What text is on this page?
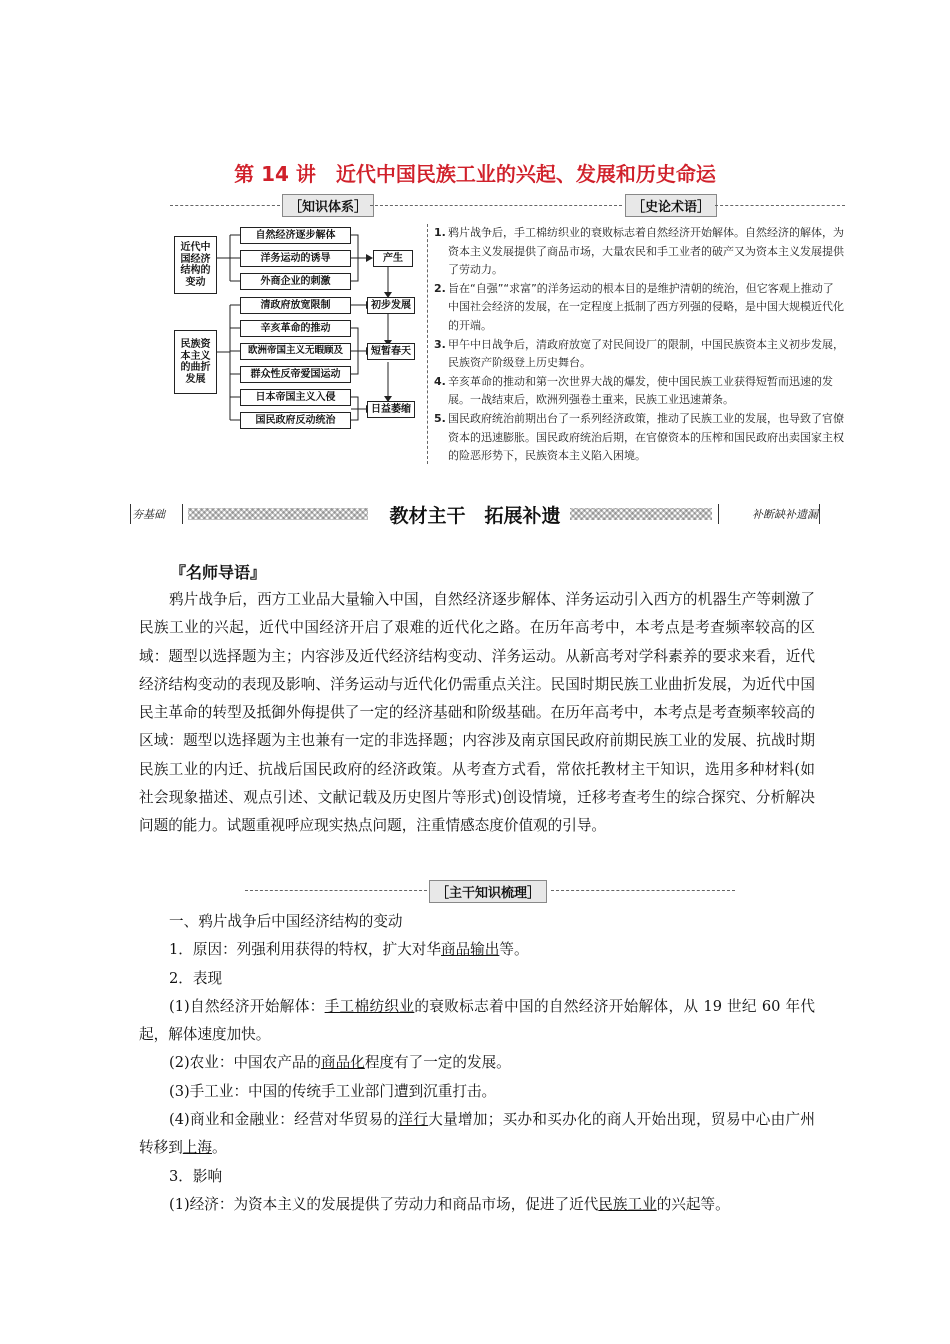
第 14 讲　近代中国民族工业的兴起、发展和历史命运
［知识体系］	［史论术语］
近代中国经济结构的变动
民族资本主义的曲折发展
自然经济逐步解体
洋务运动的诱导
外商企业的刺激
清政府放宽限制
辛亥革命的推动
欧洲帝国主义无暇顾及
群众性反帝爱国运动
日本帝国主义入侵
国民政府反动统治
产生
初步发展
短暂春天
日益萎缩

1. 鸦片战争后，手工棉纺织业的衰败标志着自然经济开始解体。自然经济的解体，为资本主义发展提供了商品市场，大量农民和手工业者的破产又为资本主义发展提供了劳动力。

2. 旨在“自强”“求富”的洋务运动的根本目的是维护清朝的统治，但它客观上推动了中国社会经济的发展，在一定程度上抵制了西方列强的侵略，是中国大规模近代化的开端。

3. 甲午中日战争后，清政府放宽了对民间设厂的限制，中国民族资本主义初步发展，民族资产阶级登上历史舞台。

4. 辛亥革命的推动和第一次世界大战的爆发，使中国民族工业获得短暂而迅速的发展。一战结束后，欧洲列强卷土重来，民族工业迅速萧条。

5. 国民政府统治前期出台了一系列经济政策，推动了民族工业的发展，也导致了官僚资本的迅速膨胀。国民政府统治后期，在官僚资本的压榨和国民政府出卖国家主权的险恶形势下，民族资本主义陷入困境。

夯基础	教材主干　拓展补遗	补断缺补遗漏
『名师导语』

鸦片战争后，西方工业品大量输入中国，自然经济逐步解体、洋务运动引入西方的机器生产等刺激了民族工业的兴起，近代中国经济开启了艰难的近代化之路。在历年高考中，本考点是考查频率较高的区域：题型以选择题为主；内容涉及近代经济结构变动、洋务运动。从新高考对学科素养的要求来看，近代经济结构变动的表现及影响、洋务运动与近代化仍需重点关注。民国时期民族工业曲折发展，为近代中国民主革命的转型及抵御外侮提供了一定的经济基础和阶级基础。在历年高考中，本考点是考查频率较高的区域：题型以选择题为主也兼有一定的非选择题；内容涉及南京国民政府前期民族工业的发展、抗战时期民族工业的内迁、抗战后国民政府的经济政策。从考查方式看，常依托教材主干知识，选用多种材料(如社会现象描述、观点引述、文献记载及历史图片等形式)创设情境，迁移考查考生的综合探究、分析解决问题的能力。试题重视呼应现实热点问题，注重情感态度价值观的引导。

［主干知识梳理］

一、鸦片战争后中国经济结构的变动

1．原因：列强利用获得的特权，扩大对华商品输出等。

2．表现

(1)自然经济开始解体：手工棉纺织业的衰败标志着中国的自然经济开始解体，从 19 世纪 60 年代起，解体速度加快。

(2)农业：中国农产品的商品化程度有了一定的发展。

(3)手工业：中国的传统手工业部门遭到沉重打击。

(4)商业和金融业：经营对华贸易的洋行大量增加；买办和买办化的商人开始出现，贸易中心由广州转移到上海。

3．影响

(1)经济：为资本主义的发展提供了劳动力和商品市场，促进了近代民族工业的兴起等。
